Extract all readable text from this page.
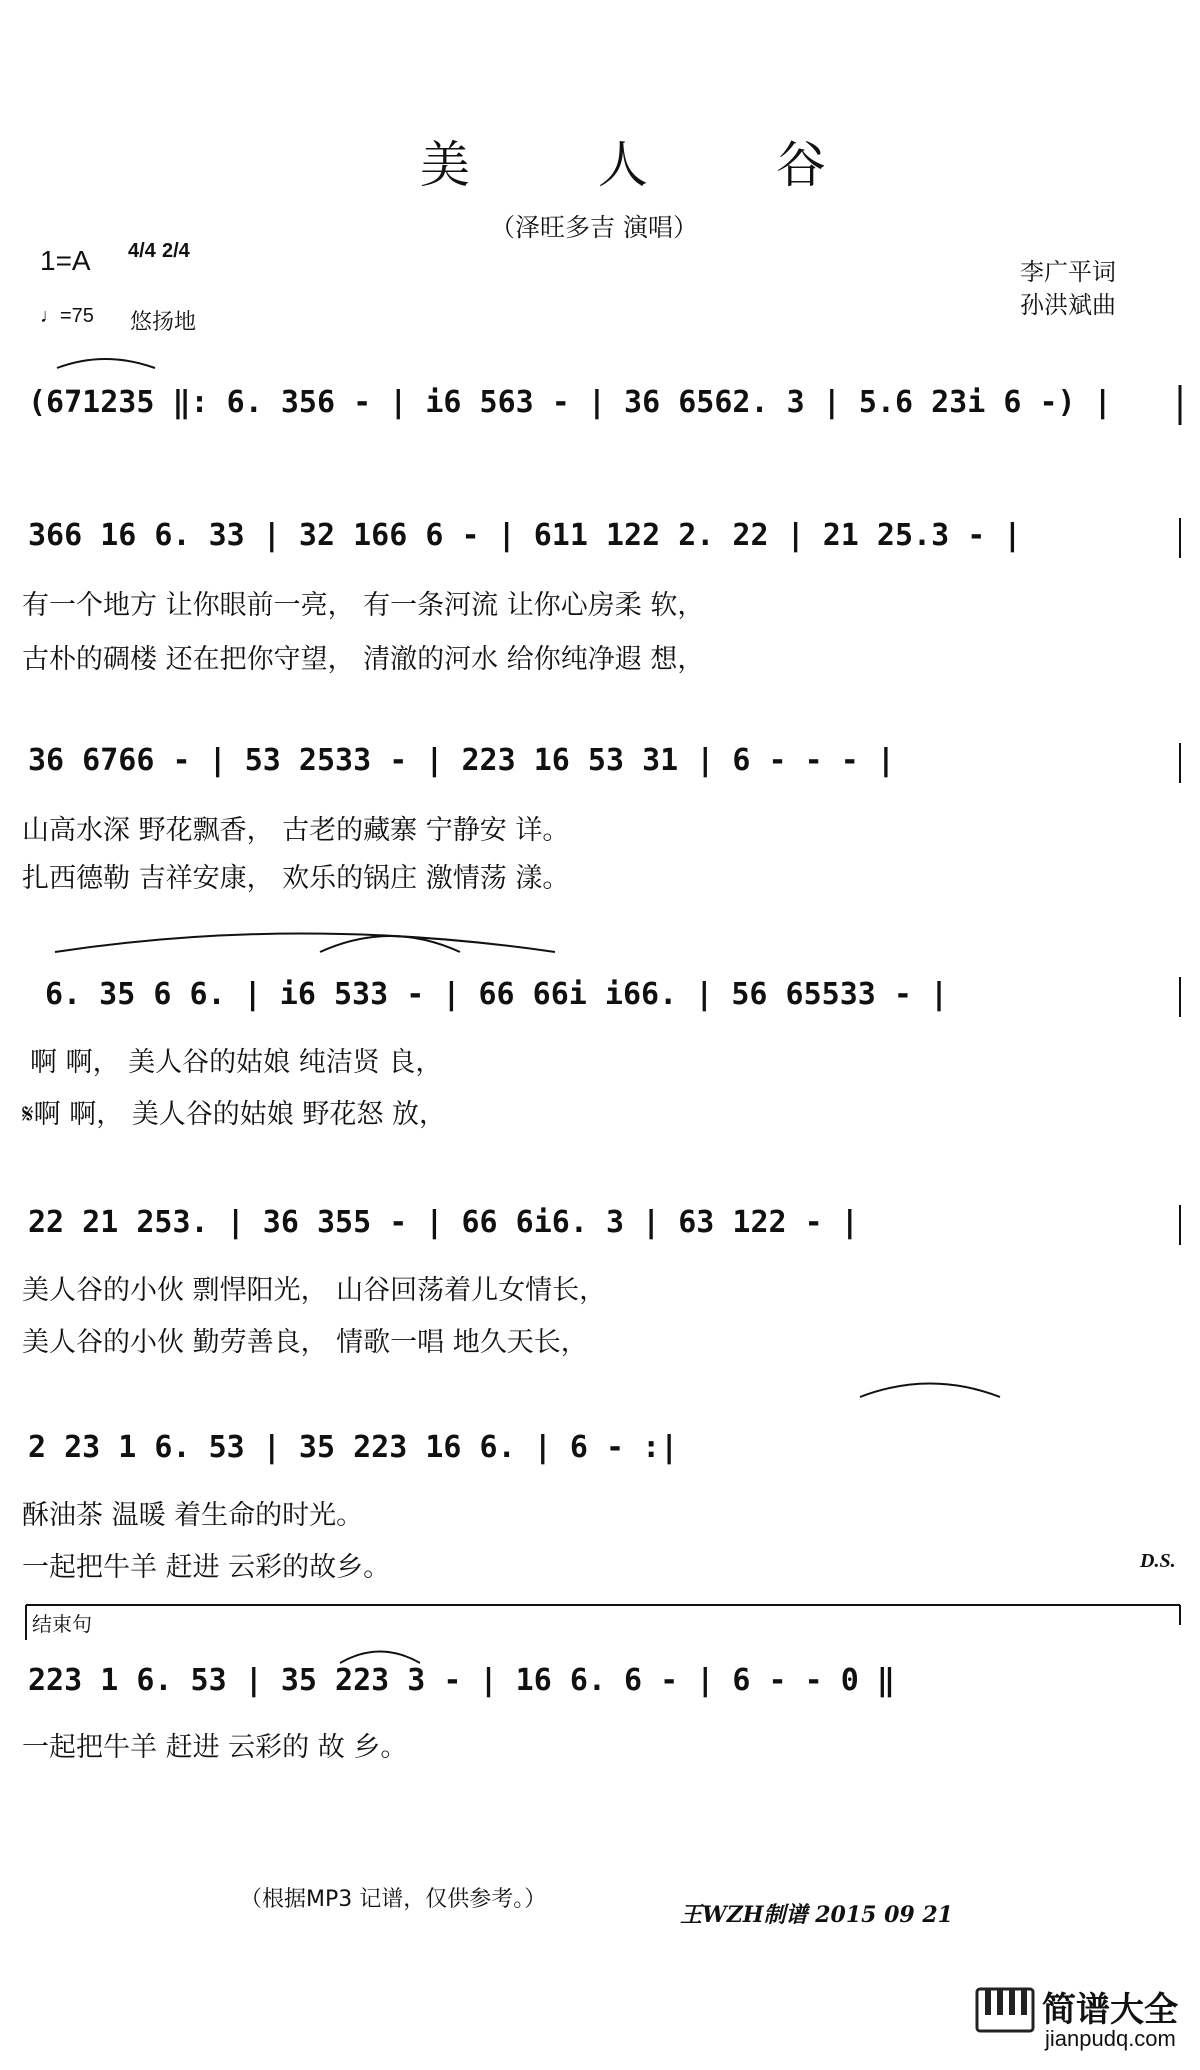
美 人 谷
（泽旺多吉 演唱）
1=A 4/4 2/4
♩=75 悠扬地
李广平词
孙洪斌曲
(671235 ‖: 6. 356 - | i6 563 - | 36 6562. 3 | 5.6 23i 6 -) |
366 16 6. 33 | 32 166 6 - | 611 122 2. 22 | 21 25.3 - |
有一个地方 让你眼前一亮， 有一条河流 让你心房柔 软，
古朴的碉楼 还在把你守望， 清澈的河水 给你纯净遐 想，
36 6766 - | 53 2533 - | 223 16 53 31 | 6 - - - |
山高水深 野花飘香， 古老的藏寨 宁静安 详。
扎西德勒 吉祥安康， 欢乐的锅庄 激情荡 漾。
6. 35 6 6. | i6 533 - | 66 66i i66. | 56 65533 - |
啊 啊， 美人谷的姑娘 纯洁贤 良，
𝄋啊 啊， 美人谷的姑娘 野花怒 放，
22 21 253. | 36 355 - | 66 6i6. 3 | 63 122 - |
美人谷的小伙 剽悍阳光， 山谷回荡着儿女情长，
美人谷的小伙 勤劳善良， 情歌一唱 地久天长，
2 23 1 6. 53 | 35 223 16 6. | 6 - :|
酥油茶 温暖 着生命的时光。
一起把牛羊 赶进 云彩的故乡。	D.S.
结束句
223 1 6. 53 | 35 223 3 - | 16 6. 6 - | 6 - - 0 ‖
一起把牛羊 赶进 云彩的 故 乡。
（根据MP3 记谱，仅供参考。）
王WZH制谱 2015 09 21
简谱大全
jianpudq.com
